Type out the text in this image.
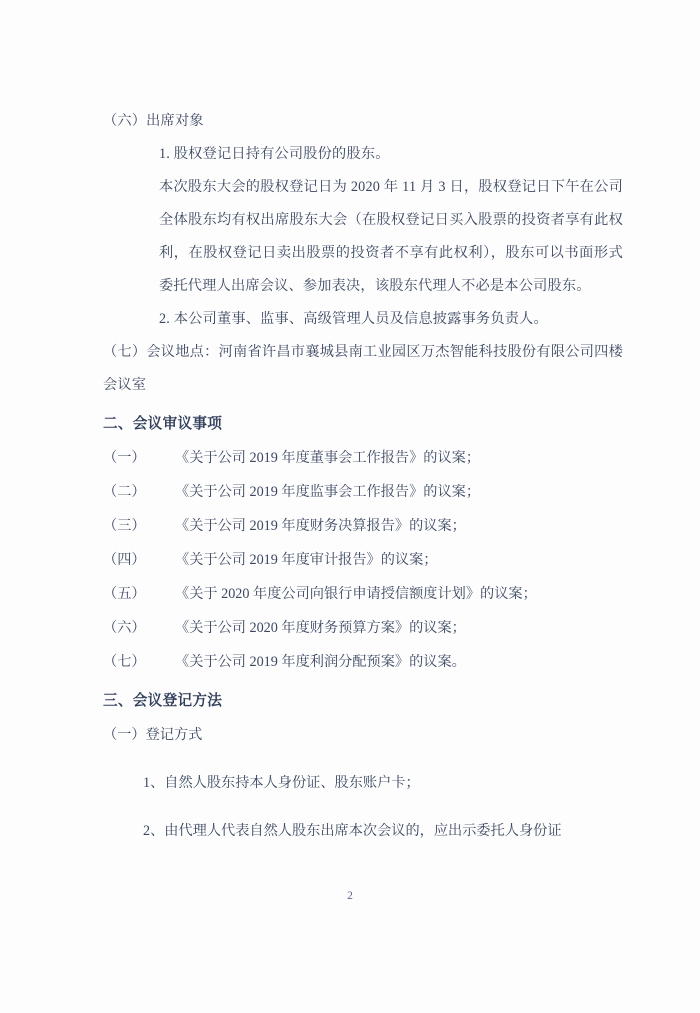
（六）出席对象

1. 股权登记日持有公司股份的股东。

本次股东大会的股权登记日为 2020 年 11 月 3 日，股权登记日下午在公司全体股东均有权出席股东大会（在股权登记日买入股票的投资者享有此权利，在股权登记日卖出股票的投资者不享有此权利），股东可以书面形式委托代理人出席会议、参加表决，该股东代理人不必是本公司股东。

2. 本公司董事、监事、高级管理人员及信息披露事务负责人。

（七）会议地点：河南省许昌市襄城县南工业园区万杰智能科技股份有限公司四楼会议室

二、会议审议事项

（一）	《关于公司 2019 年度董事会工作报告》的议案；
（二）	《关于公司 2019 年度监事会工作报告》的议案；
（三）	《关于公司 2019 年度财务决算报告》的议案；
（四）	《关于公司 2019 年度审计报告》的议案；
（五）	《关于 2020 年度公司向银行申请授信额度计划》的议案；
（六）	《关于公司 2020 年度财务预算方案》的议案；
（七）	《关于公司 2019 年度利润分配预案》的议案。

三、会议登记方法

（一）登记方式

1、自然人股东持本人身份证、股东账户卡；

2、由代理人代表自然人股东出席本次会议的，应出示委托人身份证

2
